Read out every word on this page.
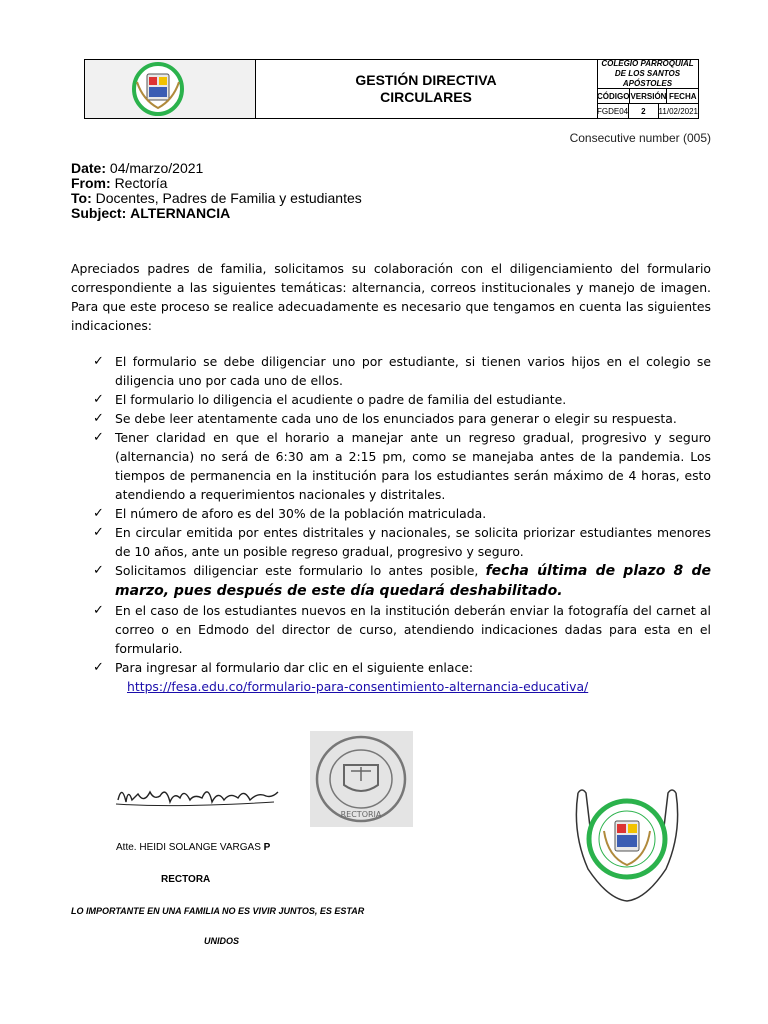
GESTIÓN DIRECTIVA
CIRCULARES
COLEGIO PARROQUIAL
DE LOS SANTOS APÓSTOLES
CÓDIGO VERSIÓN FECHA
FGDE04	2	11/02/2021
Consecutive number (005)
Date: 04/marzo/2021
From: Rectoría
To: Docentes, Padres de Familia y estudiantes
Subject: ALTERNANCIA
Apreciados padres de familia, solicitamos su colaboración con el diligenciamiento del formulario correspondiente a las siguientes temáticas: alternancia, correos institucionales y manejo de imagen. Para que este proceso se realice adecuadamente es necesario que tengamos en cuenta las siguientes indicaciones:
✓ El formulario se debe diligenciar uno por estudiante, si tienen varios hijos en el colegio se diligencia uno por cada uno de ellos.
✓ El formulario lo diligencia el acudiente o padre de familia del estudiante.
✓ Se debe leer atentamente cada uno de los enunciados para generar o elegir su respuesta.
✓ Tener claridad en que el horario a manejar ante un regreso gradual, progresivo y seguro (alternancia) no será de 6:30 am a 2:15 pm, como se manejaba antes de la pandemia. Los tiempos de permanencia en la institución para los estudiantes serán máximo de 4 horas, esto atendiendo a requerimientos nacionales y distritales.
✓ El número de aforo es del 30% de la población matriculada.
✓ En circular emitida por entes distritales y nacionales, se solicita priorizar estudiantes menores de 10 años, ante un posible regreso gradual, progresivo y seguro.
✓ Solicitamos diligenciar este formulario lo antes posible, fecha última de plazo 8 de marzo, pues después de este día quedará deshabilitado.
✓ En el caso de los estudiantes nuevos en la institución deberán enviar la fotografía del carnet al correo o en Edmodo del director de curso, atendiendo indicaciones dadas para esta en el formulario.
✓ Para ingresar al formulario dar clic en el siguiente enlace:
https://fesa.edu.co/formulario-para-consentimiento-alternancia-educativa/
RECTORIA
Atte. HEIDI SOLANGE VARGAS P
RECTORA
LO IMPORTANTE EN UNA FAMILIA NO ES VIVIR JUNTOS, ES ESTAR
UNIDOS
